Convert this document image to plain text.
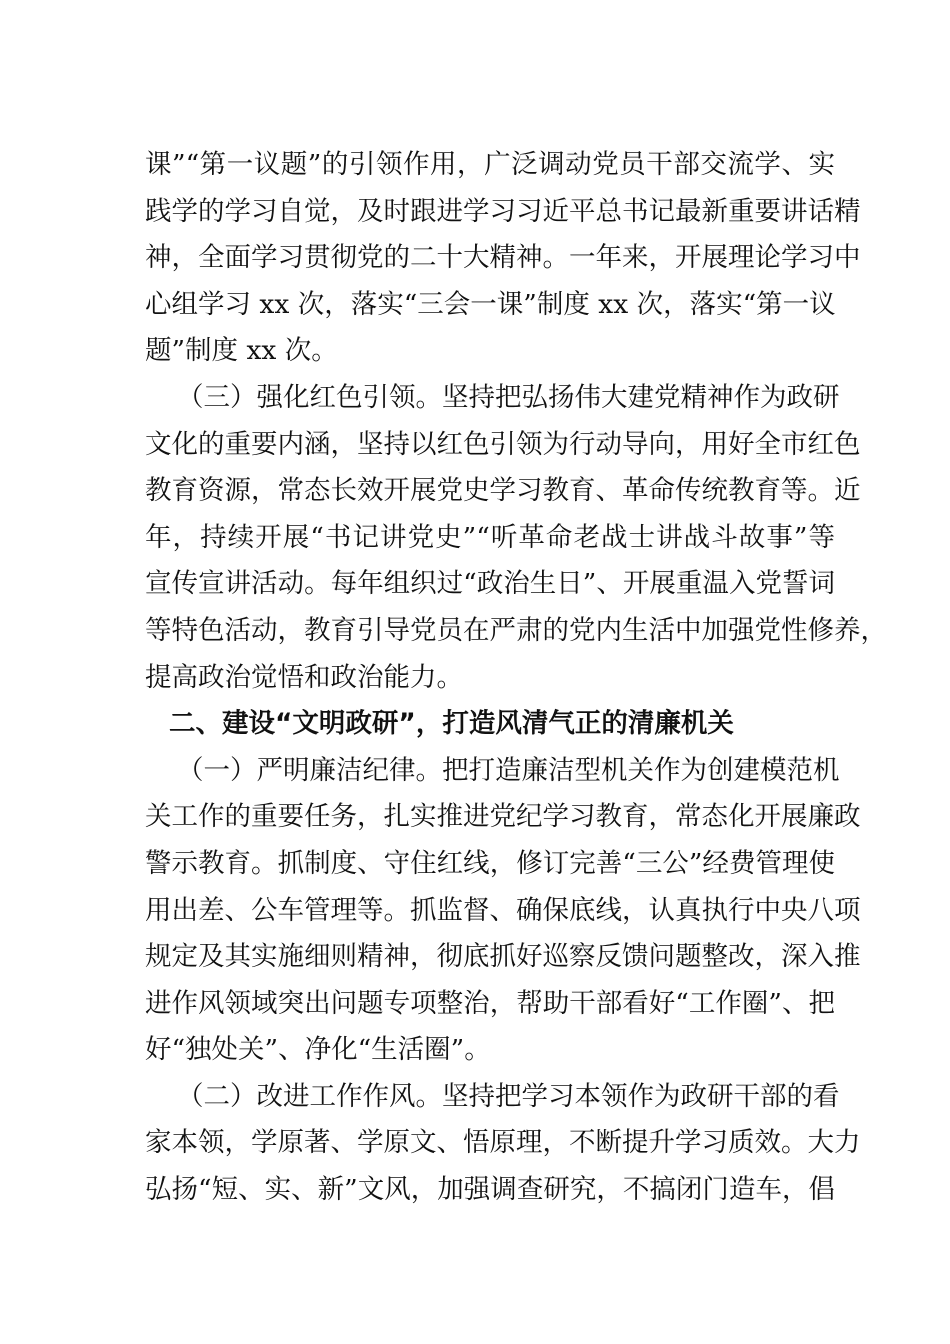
课”“第一议题”的引领作用，广泛调动党员干部交流学、实
践学的学习自觉，及时跟进学习习近平总书记最新重要讲话精
神，全面学习贯彻党的二十大精神。一年来，开展理论学习中
心组学习 xx 次，落实“三会一课”制度 xx 次，落实“第一议
题”制度 xx 次。
（三）强化红色引领。坚持把弘扬伟大建党精神作为政研
文化的重要内涵，坚持以红色引领为行动导向，用好全市红色
教育资源，常态长效开展党史学习教育、革命传统教育等。近
年，持续开展“书记讲党史”“听革命老战士讲战斗故事”等
宣传宣讲活动。每年组织过“政治生日”、开展重温入党誓词
等特色活动，教育引导党员在严肃的党内生活中加强党性修养，
提高政治觉悟和政治能力。
二、建设“文明政研”，打造风清气正的清廉机关
（一）严明廉洁纪律。把打造廉洁型机关作为创建模范机
关工作的重要任务，扎实推进党纪学习教育，常态化开展廉政
警示教育。抓制度、守住红线，修订完善“三公”经费管理使
用出差、公车管理等。抓监督、确保底线，认真执行中央八项
规定及其实施细则精神，彻底抓好巡察反馈问题整改，深入推
进作风领域突出问题专项整治，帮助干部看好“工作圈”、把
好“独处关”、净化“生活圈”。
（二）改进工作作风。坚持把学习本领作为政研干部的看
家本领，学原著、学原文、悟原理，不断提升学习质效。大力
弘扬“短、实、新”文风，加强调查研究，不搞闭门造车，倡
